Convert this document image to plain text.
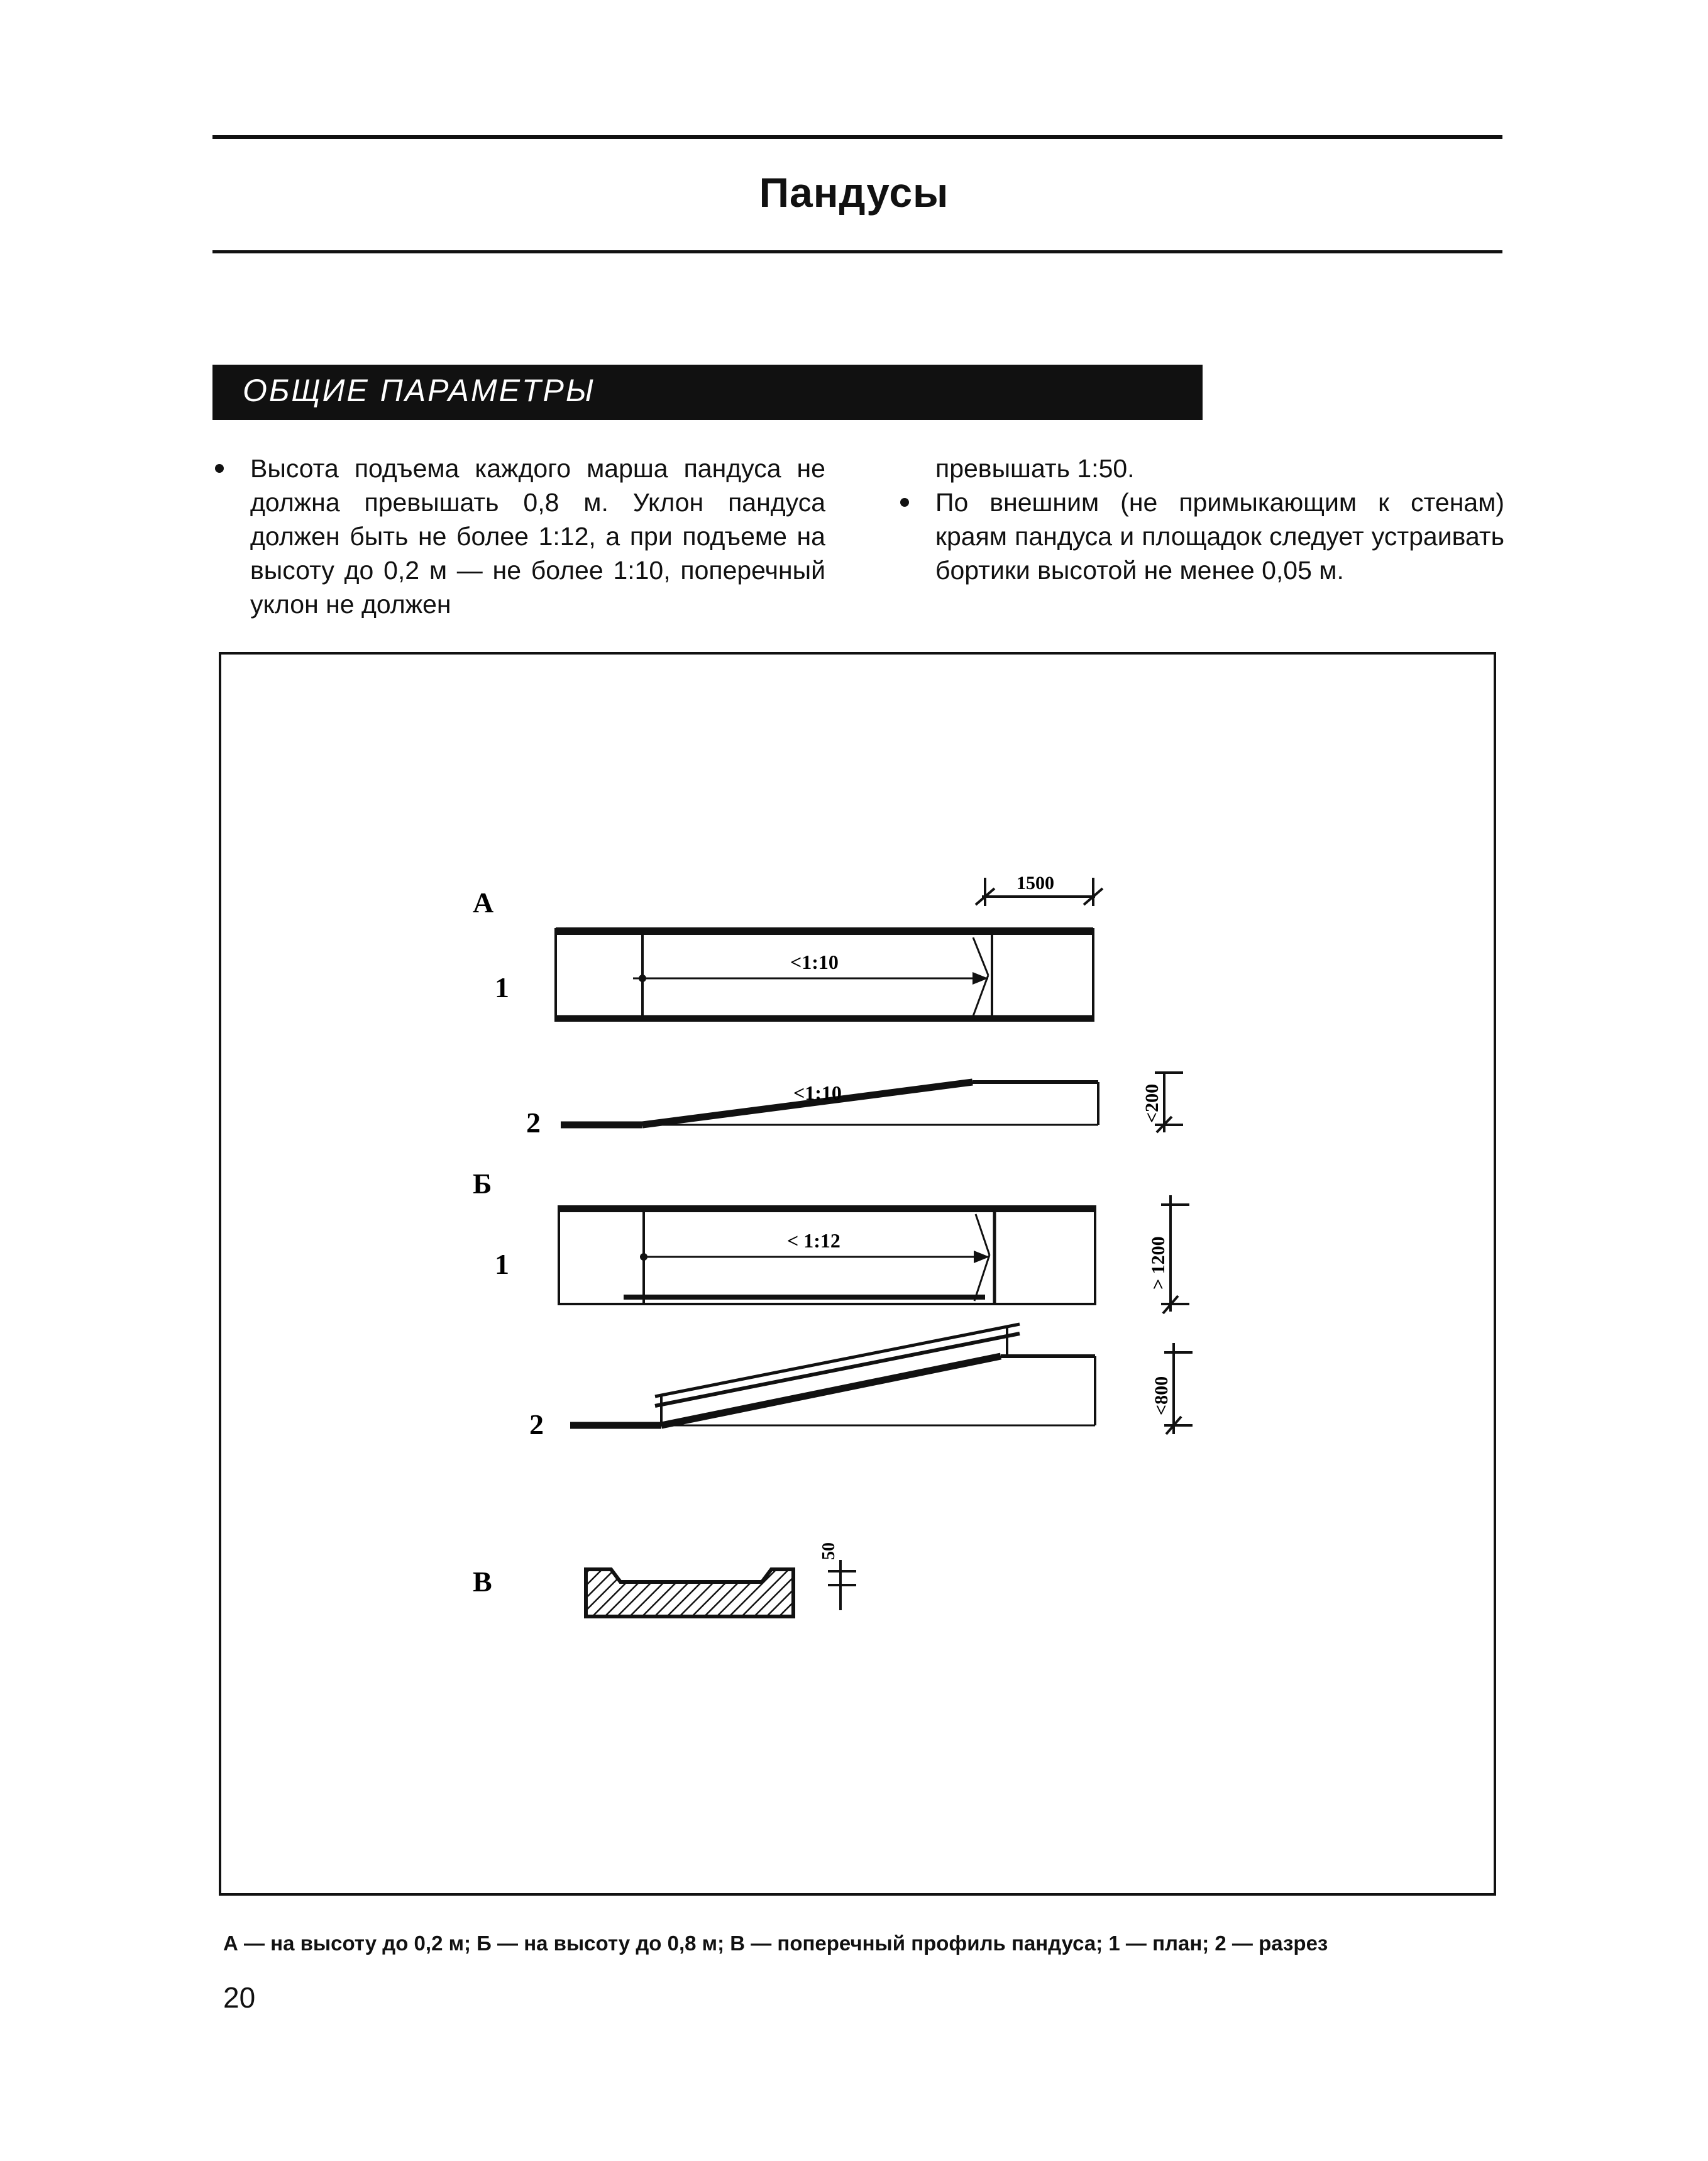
Пандусы
ОБЩИЕ ПАРАМЕТРЫ

Высота подъема каждого марша пандуса не должна превышать 0,8 м. Уклон пандуса должен быть не более 1:12, а при подъеме на высоту до 0,2 м — не более 1:10, поперечный уклон не должен

превышать 1:50.

По внешним (не примыкающим к стенам) краям пандуса и площадок следует устраивать бортики высотой не менее 0,05 м.

А
1
1500
<1:10
2
<1:10	<200
Б
1
< 1:12	> 1200
2
<800
В
50
А — на высоту до 0,2 м; Б — на высоту до 0,8 м; В — поперечный профиль пандуса; 1 — план; 2 — разрез
20
